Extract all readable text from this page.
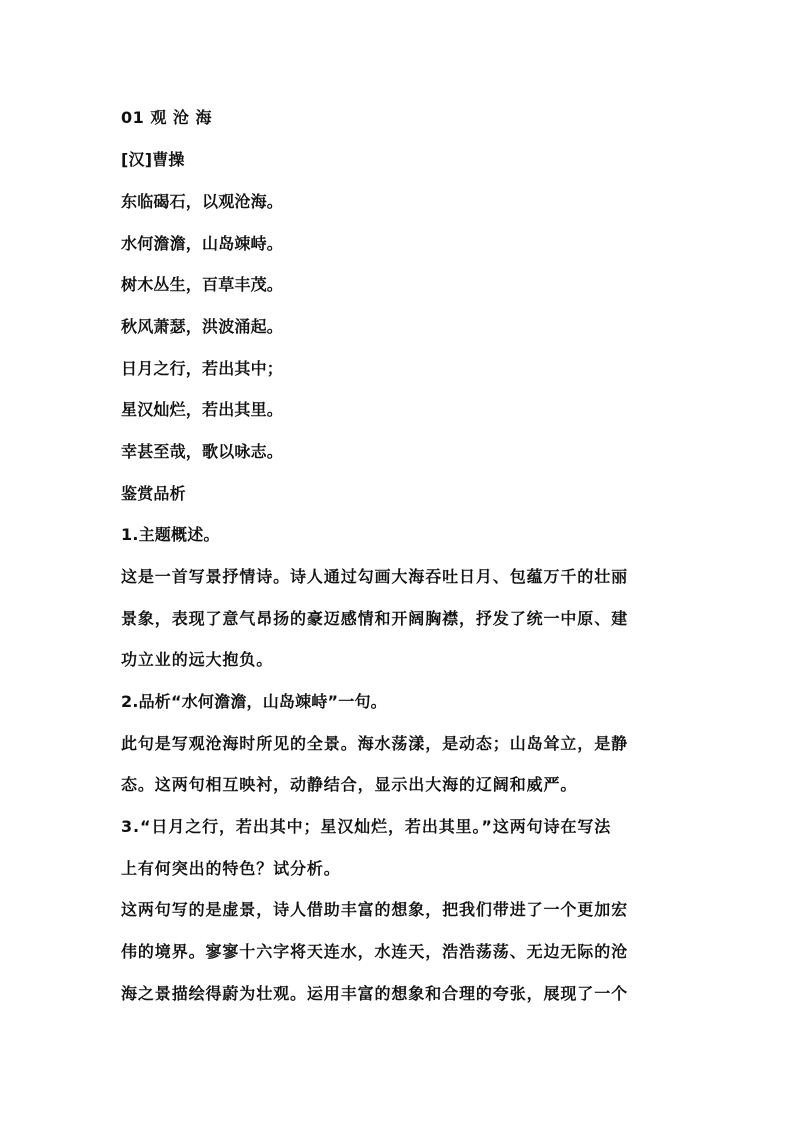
01 观 沧 海
[汉]曹操
东临碣石，以观沧海。
水何澹澹，山岛竦峙。
树木丛生，百草丰茂。
秋风萧瑟，洪波涌起。
日月之行，若出其中；
星汉灿烂，若出其里。
幸甚至哉，歌以咏志。
鉴赏品析
1.主题概述。
这是一首写景抒情诗。诗人通过勾画大海吞吐日月、包蕴万千的壮丽
景象，表现了意气昂扬的豪迈感情和开阔胸襟，抒发了统一中原、建
功立业的远大抱负。
2.品析“水何澹澹，山岛竦峙”一句。
此句是写观沧海时所见的全景。海水荡漾，是动态；山岛耸立，是静
态。这两句相互映衬，动静结合，显示出大海的辽阔和威严。
3.“日月之行，若出其中；星汉灿烂，若出其里。”这两句诗在写法
上有何突出的特色？试分析。
这两句写的是虚景，诗人借助丰富的想象，把我们带进了一个更加宏
伟的境界。寥寥十六字将天连水，水连天，浩浩荡荡、无边无际的沧
海之景描绘得蔚为壮观。运用丰富的想象和合理的夸张，展现了一个
